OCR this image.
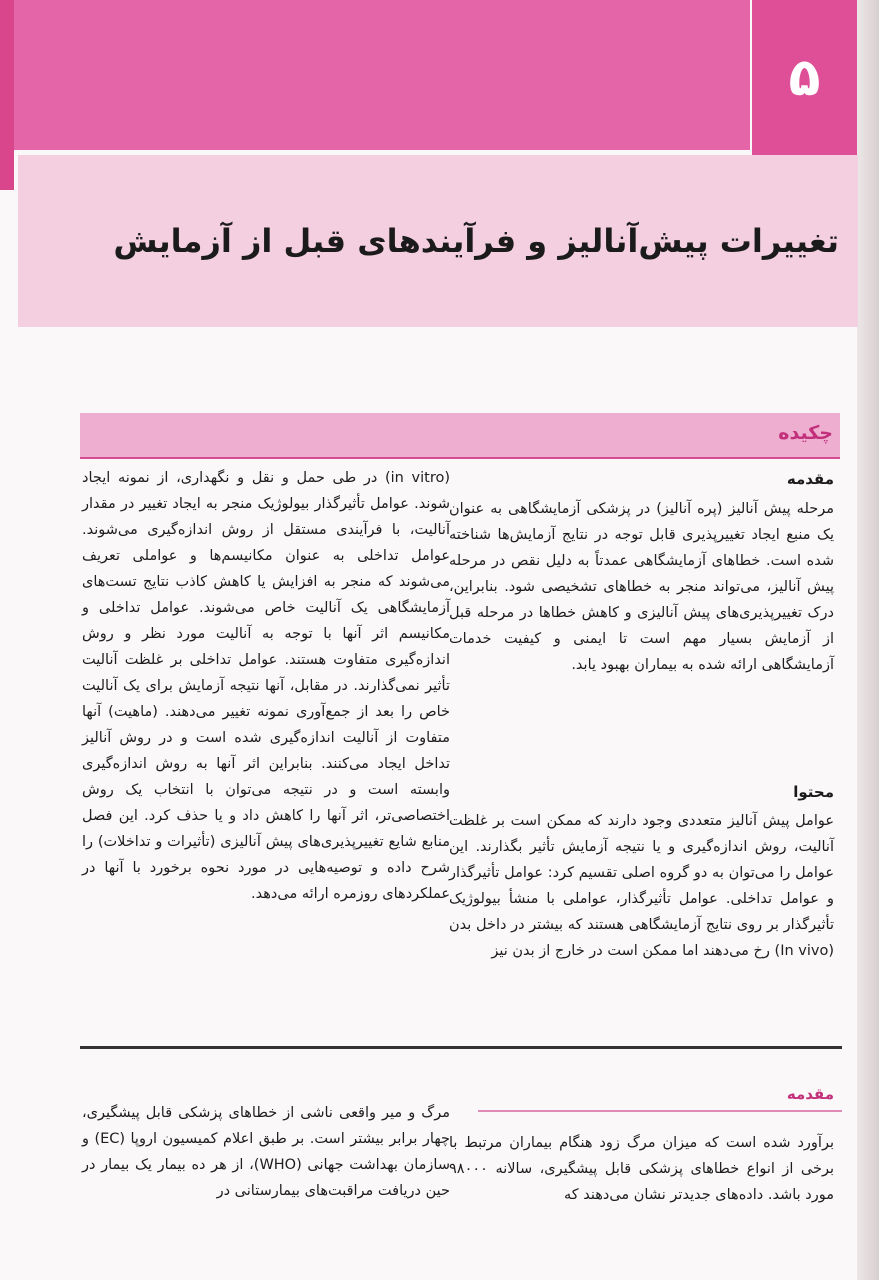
۵
تغییرات پیش‌آنالیز و فرآیندهای قبل از آزمایش
چکیده
مقدمه

مرحله پیش آنالیز (پره آنالیز) در پزشکی آزمایشگاهی به عنوان یک منبع ایجاد تغییرپذیری قابل توجه در نتایج آزمایش‌ها شناخته شده است. خطاهای آزمایشگاهی عمدتاً به دلیل نقص در مرحله پیش آنالیز، می‌تواند منجر به خطاهای تشخیصی شود. بنابراین، درک تغییرپذیری‌های پیش آنالیزی و کاهش خطاها در مرحله قبل از آزمایش بسیار مهم است تا ایمنی و کیفیت خدمات آزمایشگاهی ارائه شده به بیماران بهبود یابد.

محتوا

عوامل پیش آنالیز متعددی وجود دارند که ممکن است بر غلظت آنالیت، روش اندازه‌گیری و یا نتیجه آزمایش تأثیر بگذارند. این عوامل را می‌توان به دو گروه اصلی تقسیم کرد: عوامل تأثیرگذار و عوامل تداخلی. عوامل تأثیرگذار، عواملی با منشأ بیولوژیک تأثیرگذار بر روی نتایج آزمایشگاهی هستند که بیشتر در داخل بدن (In vivo) رخ می‌دهند اما ممکن است در خارج از بدن نیز

(in vitro) در طی حمل و نقل و نگهداری، از نمونه ایجاد شوند. عوامل تأثیرگذار بیولوژیک منجر به ایجاد تغییر در مقدار آنالیت، با فرآیندی مستقل از روش اندازه‌گیری می‌شوند. عوامل تداخلی به عنوان مکانیسم‌ها و عواملی تعریف می‌شوند که منجر به افزایش یا کاهش کاذب نتایج تست‌های آزمایشگاهی یک آنالیت خاص می‌شوند. عوامل تداخلی و مکانیسم اثر آنها با توجه به آنالیت مورد نظر و روش اندازه‌گیری متفاوت هستند. عوامل تداخلی بر غلظت آنالیت تأثیر نمی‌گذارند. در مقابل، آنها نتیجه آزمایش برای یک آنالیت خاص را بعد از جمع‌آوری نمونه تغییر می‌دهند. (ماهیت) آنها متفاوت از آنالیت اندازه‌گیری شده است و در روش آنالیز تداخل ایجاد می‌کنند. بنابراین اثر آنها به روش اندازه‌گیری وابسته است و در نتیجه می‌توان با انتخاب یک روش اختصاصی‌تر، اثر آنها را کاهش داد و یا حذف کرد. این فصل منابع شایع تغییرپذیری‌های پیش آنالیزی (تأثیرات و تداخلات) را شرح داده و توصیه‌هایی در مورد نحوه برخورد با آنها در عملکردهای روزمره ارائه می‌دهد.

مقدمه

برآورد شده است که میزان مرگ زود هنگام بیماران مرتبط با برخی از انواع خطاهای پزشکی قابل پیشگیری، سالانه ۹۸۰۰۰ مورد باشد. داده‌های جدیدتر نشان می‌دهند که

مرگ و میر واقعی ناشی از خطاهای پزشکی قابل پیشگیری، چهار برابر بیشتر است. بر طبق اعلام کمیسیون اروپا (EC) و سازمان بهداشت جهانی (WHO)، از هر ده بیمار یک بیمار در حین دریافت مراقبت‌های بیمارستانی در
